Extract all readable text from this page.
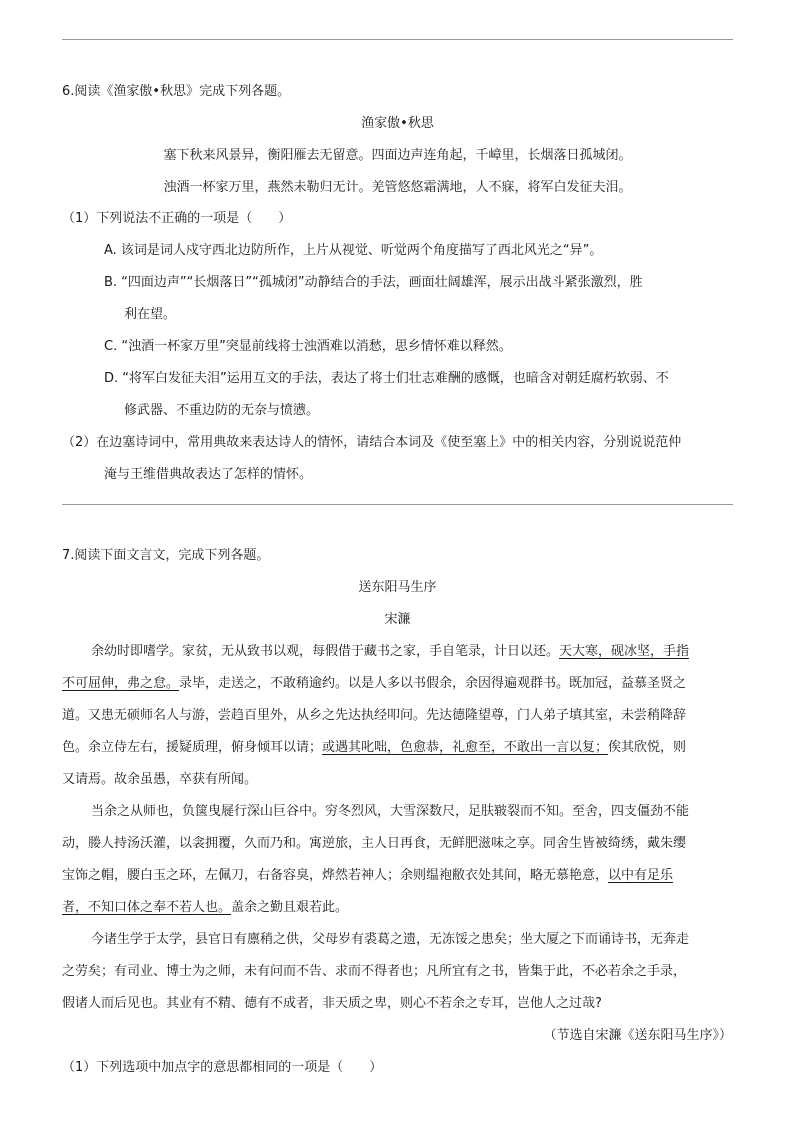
6.阅读《渔家傲•秋思》完成下列各题。
渔家傲•秋思
塞下秋来风景异，衡阳雁去无留意。四面边声连角起，千嶂里，长烟落日孤城闭。
浊酒一杯家万里，燕然未勒归无计。羌管悠悠霜满地，人不寐，将军白发征夫泪。
（1）下列说法不正确的一项是（　　）
A. 该词是词人戍守西北边防所作，上片从视觉、听觉两个角度描写了西北风光之“异”。
B. “四面边声”“长烟落日”“孤城闭”动静结合的手法，画面壮阔雄浑，展示出战斗紧张激烈，胜
利在望。
C. “浊酒一杯家万里”突显前线将士浊酒难以消愁，思乡情怀难以释然。
D. “将军白发征夫泪”运用互文的手法，表达了将士们壮志难酬的感慨，也暗含对朝廷腐朽软弱、不
修武器、不重边防的无奈与愤懑。
（2）在边塞诗词中，常用典故来表达诗人的情怀，请结合本词及《使至塞上》中的相关内容，分别说说范仲
淹与王维借典故表达了怎样的情怀。
7.阅读下面文言文，完成下列各题。
送东阳马生序
宋濂
余幼时即嗜学。家贫，无从致书以观，每假借于藏书之家，手自笔录，计日以还。天大寒，砚冰坚，手指
不可屈伸，弗之怠。录毕，走送之，不敢稍逾约。以是人多以书假余，余因得遍观群书。既加冠，益慕圣贤之
道。又患无硕师名人与游，尝趋百里外，从乡之先达执经叩问。先达德隆望尊，门人弟子填其室，未尝稍降辞
色。余立侍左右，援疑质理，俯身倾耳以请；或遇其叱咄，色愈恭，礼愈至，不敢出一言以复；俟其欣悦，则
又请焉。故余虽愚，卒获有所闻。
当余之从师也，负箧曳屣行深山巨谷中。穷冬烈风，大雪深数尺，足肤皲裂而不知。至舍，四支僵劲不能
动，媵人持汤沃灌，以衾拥覆，久而乃和。寓逆旅，主人日再食，无鲜肥滋味之享。同舍生皆被绮绣，戴朱缨
宝饰之帽，腰白玉之环，左佩刀，右备容臭，烨然若神人；余则缊袍敝衣处其间，略无慕艳意，以中有足乐
者，不知口体之奉不若人也。盖余之勤且艰若此。
今诸生学于太学，县官日有廪稍之供，父母岁有裘葛之遗，无冻馁之患矣；坐大厦之下而诵诗书，无奔走
之劳矣；有司业、博士为之师，未有问而不告、求而不得者也；凡所宜有之书，皆集于此，不必若余之手录，
假诸人而后见也。其业有不精、德有不成者，非天质之卑，则心不若余之专耳，岂他人之过哉?
（节选自宋濂《送东阳马生序》）
（1）下列选项中加点字的意思都相同的一项是（　　）
